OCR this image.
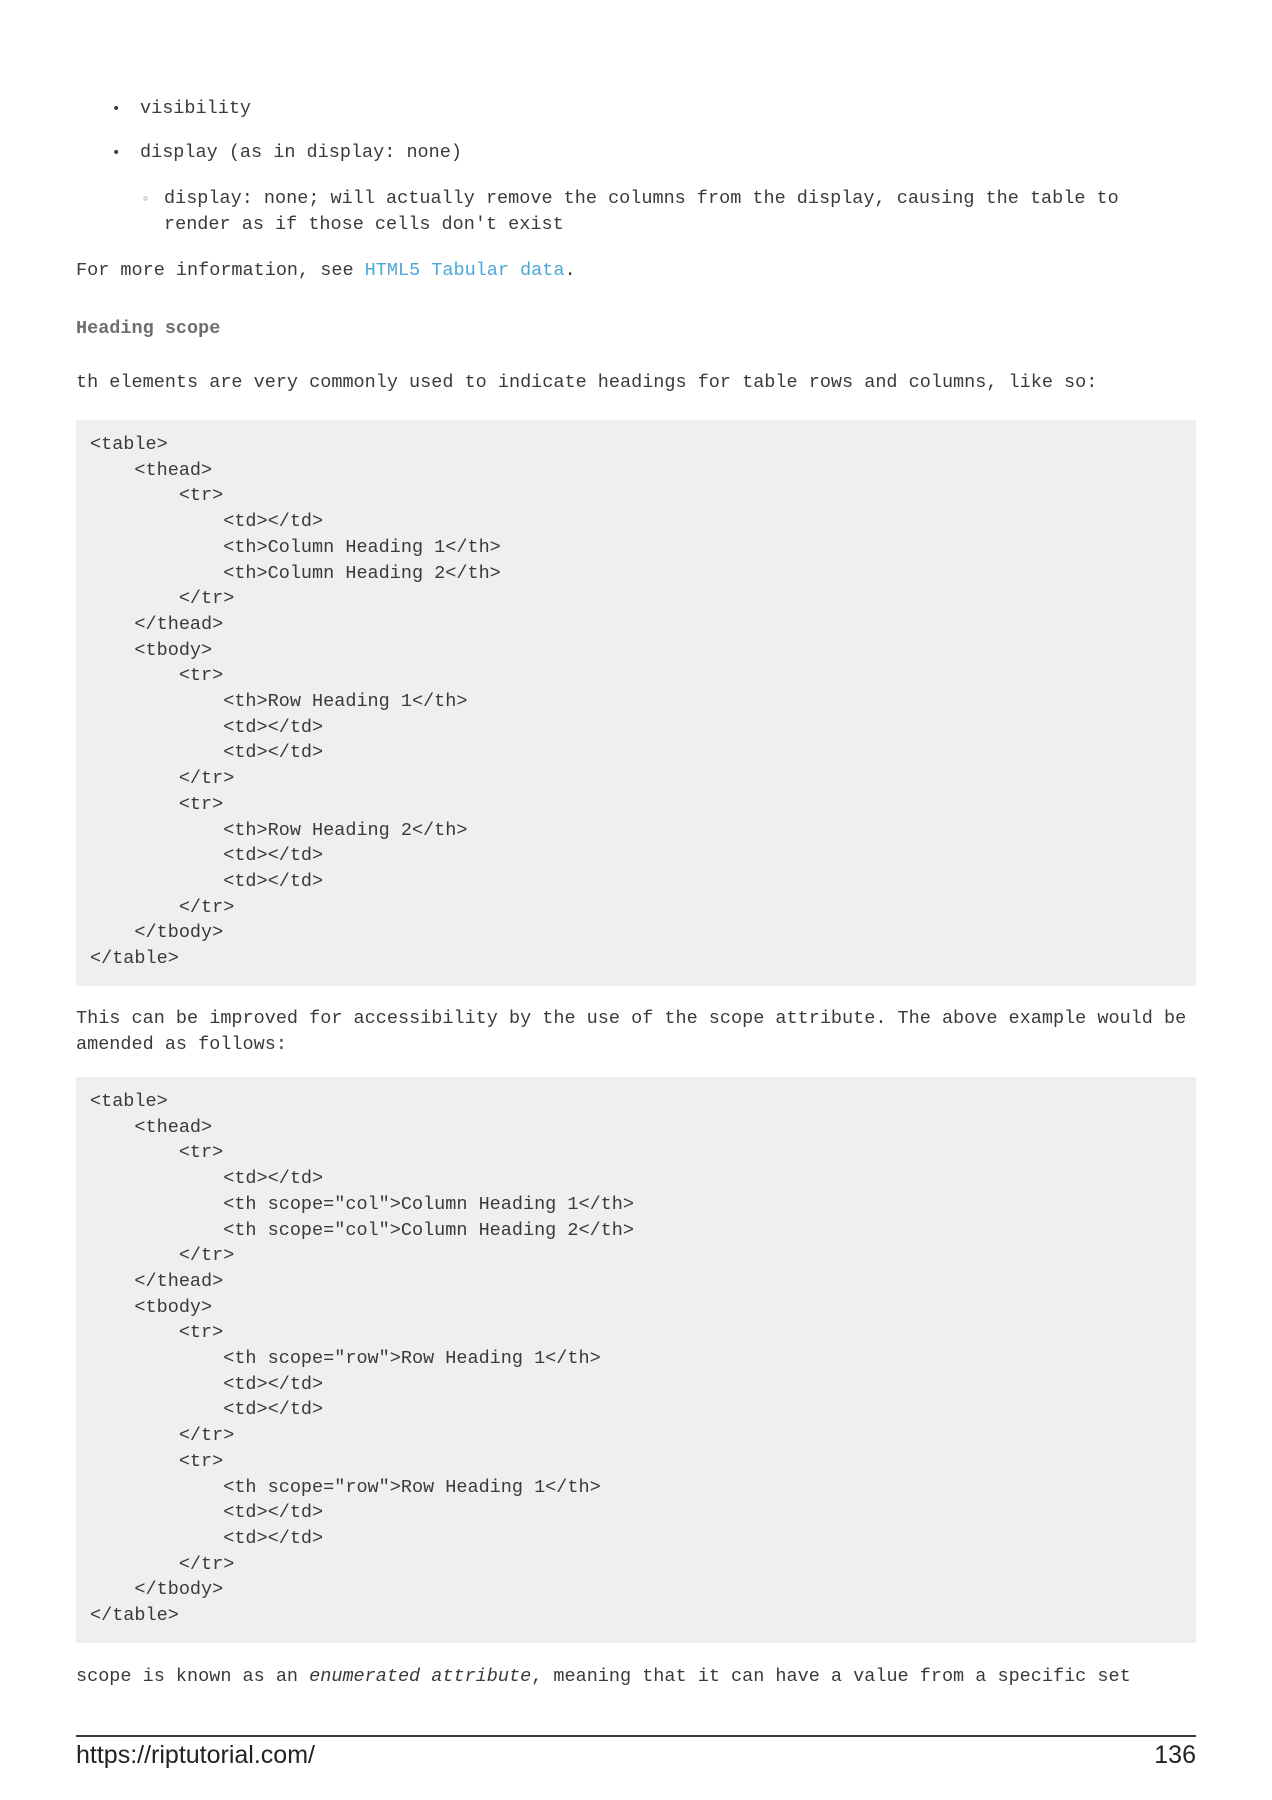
• visibility
• display (as in display: none)
◦ display: none; will actually remove the columns from the display, causing the table to render as if those cells don't exist

For more information, see HTML5 Tabular data.

Heading scope

th elements are very commonly used to indicate headings for table rows and columns, like so:

<table>
<thead>
<tr>
<td></td>
<th>Column Heading 1</th>
<th>Column Heading 2</th>
</tr>
</thead>
<tbody>
<tr>
<th>Row Heading 1</th>
<td></td>
<td></td>
</tr>
<tr>
<th>Row Heading 2</th>
<td></td>
<td></td>
</tr>
</tbody>
</table>

This can be improved for accessibility by the use of the scope attribute. The above example would be amended as follows:

<table>
<thead>
<tr>
<td></td>
<th scope="col">Column Heading 1</th>
<th scope="col">Column Heading 2</th>
</tr>
</thead>
<tbody>
<tr>
<th scope="row">Row Heading 1</th>
<td></td>
<td></td>
</tr>
<tr>
<th scope="row">Row Heading 1</th>
<td></td>
<td></td>
</tr>
</tbody>
</table>

scope is known as an enumerated attribute, meaning that it can have a value from a specific set

https://riptutorial.com/	136
